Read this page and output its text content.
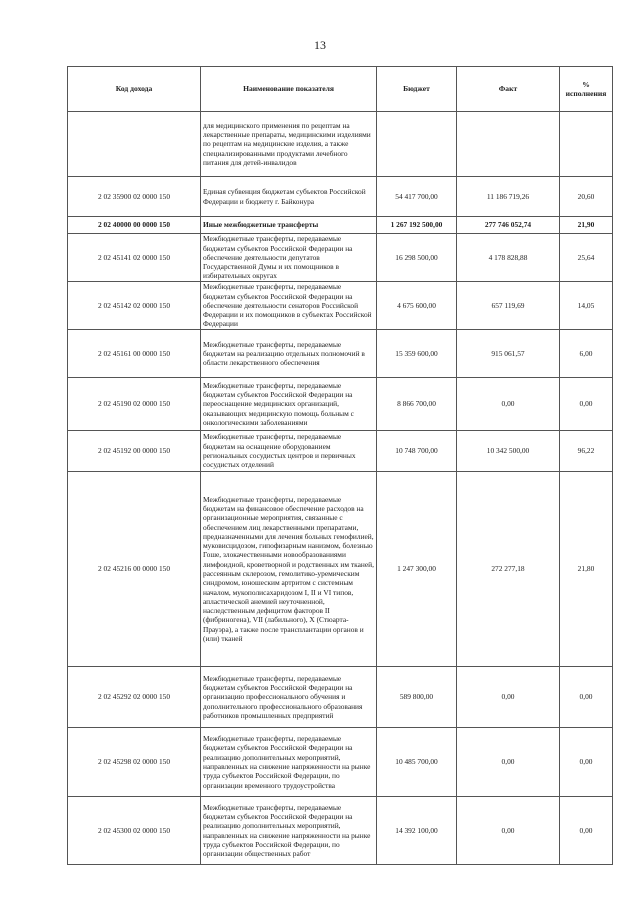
13
Код дохода	Наименование показателя	Бюджет	Факт	% исполнения
	для медицинского применения по рецептам на лекарственные препараты, медицинскими изделиями по рецептам на медицинские изделия, а также специализированными продуктами лечебного питания для детей-инвалидов			
2 02 35900 02 0000 150	Единая субвенция бюджетам субъектов Российской Федерации и бюджету г. Байконура	54 417 700,00	11 186 719,26	20,60
2 02 40000 00 0000 150	Иные межбюджетные трансферты	1 267 192 500,00	277 746 052,74	21,90
2 02 45141 02 0000 150	Межбюджетные трансферты, передаваемые бюджетам субъектов Российской Федерации на обеспечение деятельности депутатов Государственной Думы и их помощников в избирательных округах	16 298 500,00	4 178 828,88	25,64
2 02 45142 02 0000 150	Межбюджетные трансферты, передаваемые бюджетам субъектов Российской Федерации на обеспечение деятельности сенаторов Российской Федерации и их помощников в субъектах Российской Федерации	4 675 600,00	657 119,69	14,05
2 02 45161 00 0000 150	Межбюджетные трансферты, передаваемые бюджетам на реализацию отдельных полномочий в области лекарственного обеспечения	15 359 600,00	915 061,57	6,00
2 02 45190 02 0000 150	Межбюджетные трансферты, передаваемые бюджетам субъектов Российской Федерации на переоснащение медицинских организаций, оказывающих медицинскую помощь больным с онкологическими заболеваниями	8 866 700,00	0,00	0,00
2 02 45192 00 0000 150	Межбюджетные трансферты, передаваемые бюджетам на оснащение оборудованием региональных сосудистых центров и первичных сосудистых отделений	10 748 700,00	10 342 500,00	96,22
2 02 45216 00 0000 150	Межбюджетные трансферты, передаваемые бюджетам на финансовое обеспечение расходов на организационные мероприятия, связанные с обеспечением лиц лекарственными препаратами, предназначенными для лечения больных гемофилией, муковисцидозом, гипофизарным нанизмом, болезнью Гоше, злокачественными новообразованиями лимфоидной, кроветворной и родственных им тканей, рассеянным склерозом, гемолитико-уремическим синдромом, юношеским артритом с системным началом, мукополисахаридозом I, II и VI типов, апластической анемией неуточненной, наследственным дефицитом факторов II (фибриногена), VII (лабильного), X (Стюарта-Прауэра), а также после трансплантации органов и (или) тканей	1 247 300,00	272 277,18	21,80
2 02 45292 02 0000 150	Межбюджетные трансферты, передаваемые бюджетам субъектов Российской Федерации на организацию профессионального обучения и дополнительного профессионального образования работников промышленных предприятий	589 800,00	0,00	0,00
2 02 45298 02 0000 150	Межбюджетные трансферты, передаваемые бюджетам субъектов Российской Федерации на реализацию дополнительных мероприятий, направленных на снижение напряженности на рынке труда субъектов Российской Федерации, по организации временного трудоустройства	10 485 700,00	0,00	0,00
2 02 45300 02 0000 150	Межбюджетные трансферты, передаваемые бюджетам субъектов Российской Федерации на реализацию дополнительных мероприятий, направленных на снижение напряженности на рынке труда субъектов Российской Федерации, по организации общественных работ	14 392 100,00	0,00	0,00
